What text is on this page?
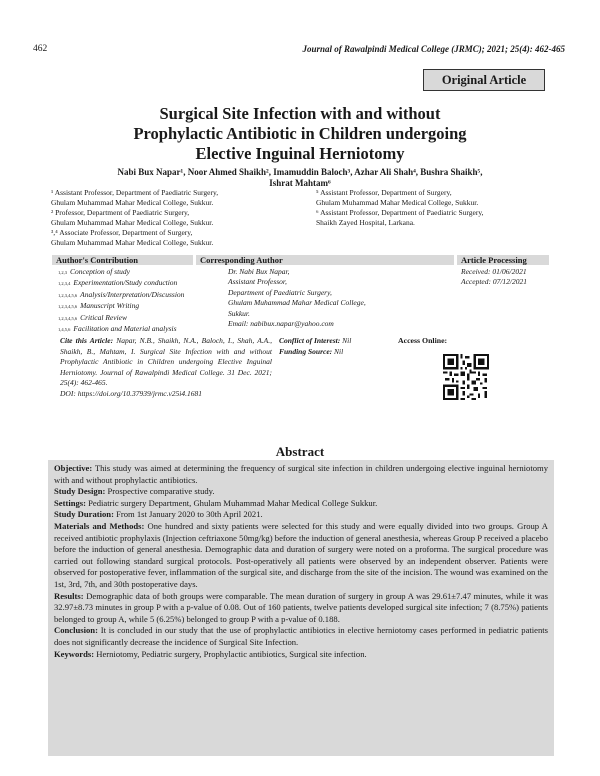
462	Journal of Rawalpindi Medical College (JRMC); 2021; 25(4): 462-465
Original Article
Surgical Site Infection with and without
Prophylactic Antibiotic in Children undergoing
Elective Inguinal Herniotomy
Nabi Bux Napar¹, Noor Ahmed Shaikh², Imamuddin Baloch³, Azhar Ali Shah⁴, Bushra Shaikh⁵,
Ishrat Mahtam⁶
¹ Assistant Professor, Department of Paediatric Surgery,
Ghulam Muhammad Mahar Medical College, Sukkur.
² Professor, Department of Paediatric Surgery,
Ghulam Muhammad Mahar Medical College, Sukkur.
³,⁴ Associate Professor, Department of Surgery,
Ghulam Muhammad Mahar Medical College, Sukkur.
⁵ Assistant Professor, Department of Surgery,
Ghulam Muhammad Mahar Medical College, Sukkur.
⁶ Assistant Professor, Department of Paediatric Surgery,
Shaikh Zayed Hospital, Larkana.
Author's Contribution	Corresponding Author	Article Processing
1,2,3 Conception of study
1,2,3,4 Experimentation/Study conduction
1,2,3,4,5,6 Analysis/Interpretation/Discussion
1,2,3,4,5,6 Manuscript Writing
1,2,3,4,5,6 Critical Review
1,4,5,6 Facilitation and Material analysis
Dr. Nabi Bux Napar,
Assistant Professor,
Department of Paediatric Surgery,
Ghulam Muhammad Mahar Medical College,
Sukkur.
Email: nabibux.napar@yahoo.com
Received: 01/06/2021
Accepted: 07/12/2021
Cite this Article: Napar, N.B., Shaikh, N.A., Baloch, I., Shah, A.A., Shaikh, B., Mahtam, I. Surgical Site Infection with and without Prophylactic Antibiotic in Children undergoing Elective Inguinal Herniotomy. Journal of Rawalpindi Medical College. 31 Dec. 2021; 25(4): 462-465.
DOI: https://doi.org/10.37939/jrmc.v25i4.1681
Conflict of Interest: Nil
Funding Source: Nil
Access Online:
Abstract

Objective: This study was aimed at determining the frequency of surgical site infection in children undergoing elective inguinal herniotomy with and without prophylactic antibiotics.

Study Design: Prospective comparative study.

Settings: Pediatric surgery Department, Ghulam Muhammad Mahar Medical College Sukkur.

Study Duration: From 1st January 2020 to 30th April 2021.

Materials and Methods: One hundred and sixty patients were selected for this study and were equally divided into two groups. Group A received antibiotic prophylaxis (Injection ceftriaxone 50mg/kg) before the induction of general anesthesia, whereas Group P received a placebo before the induction of general anesthesia. Demographic data and duration of surgery were noted on a proforma. The surgical procedure was carried out following standard surgical protocols. Post-operatively all patients were observed by an independent observer. Patients were observed for postoperative fever, inflammation of the surgical site, and discharge from the site of the incision. The wound was examined on the 1st, 3rd, 7th, and 30th postoperative days.

Results: Demographic data of both groups were comparable. The mean duration of surgery in group A was 29.61±7.47 minutes, while it was 32.97±8.73 minutes in group P with a p-value of 0.08. Out of 160 patients, twelve patients developed surgical site infection; 7 (8.75%) patients belonged to group A, while 5 (6.25%) belonged to group P with a p-value of 0.188.

Conclusion: It is concluded in our study that the use of prophylactic antibiotics in elective herniotomy cases performed in pediatric patients does not significantly decrease the incidence of Surgical Site Infection.

Keywords: Herniotomy, Pediatric surgery, Prophylactic antibiotics, Surgical site infection.
